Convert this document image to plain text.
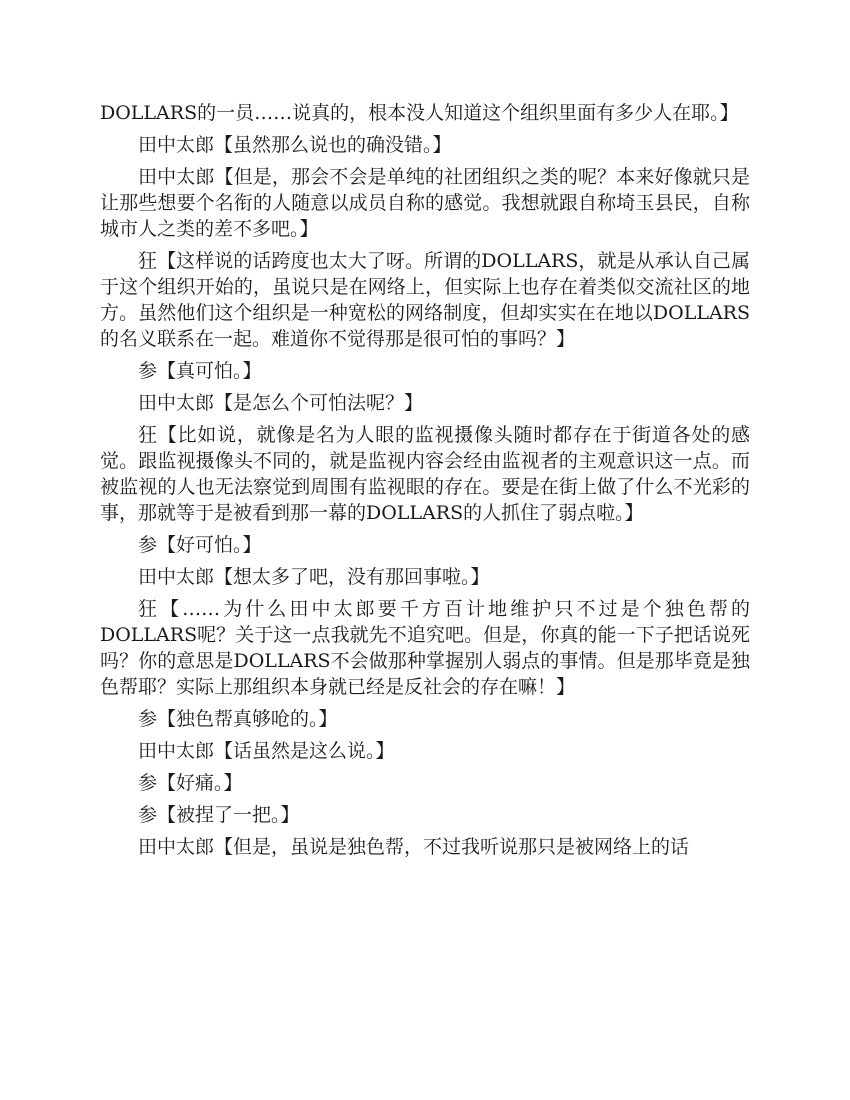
DOLLARS的一员……说真的，根本没人知道这个组织里面有多少人在耶。】

田中太郎【虽然那么说也的确没错。】

田中太郎【但是，那会不会是单纯的社团组织之类的呢？本来好像就只是让那些想要个名衔的人随意以成员自称的感觉。我想就跟自称埼玉县民，自称城市人之类的差不多吧。】

狂【这样说的话跨度也太大了呀。所谓的DOLLARS，就是从承认自己属于这个组织开始的，虽说只是在网络上，但实际上也存在着类似交流社区的地方。虽然他们这个组织是一种宽松的网络制度，但却实实在在地以DOLLARS的名义联系在一起。难道你不觉得那是很可怕的事吗？】

参【真可怕。】

田中太郎【是怎么个可怕法呢？】

狂【比如说，就像是名为人眼的监视摄像头随时都存在于街道各处的感觉。跟监视摄像头不同的，就是监视内容会经由监视者的主观意识这一点。而被监视的人也无法察觉到周围有监视眼的存在。要是在街上做了什么不光彩的事，那就等于是被看到那一幕的DOLLARS的人抓住了弱点啦。】

参【好可怕。】

田中太郎【想太多了吧，没有那回事啦。】

狂【……为什么田中太郎要千方百计地维护只不过是个独色帮的DOLLARS呢？关于这一点我就先不追究吧。但是，你真的能一下子把话说死吗？你的意思是DOLLARS不会做那种掌握别人弱点的事情。但是那毕竟是独色帮耶？实际上那组织本身就已经是反社会的存在嘛！】

参【独色帮真够呛的。】

田中太郎【话虽然是这么说。】

参【好痛。】

参【被捏了一把。】

田中太郎【但是，虽说是独色帮，不过我听说那只是被网络上的话
